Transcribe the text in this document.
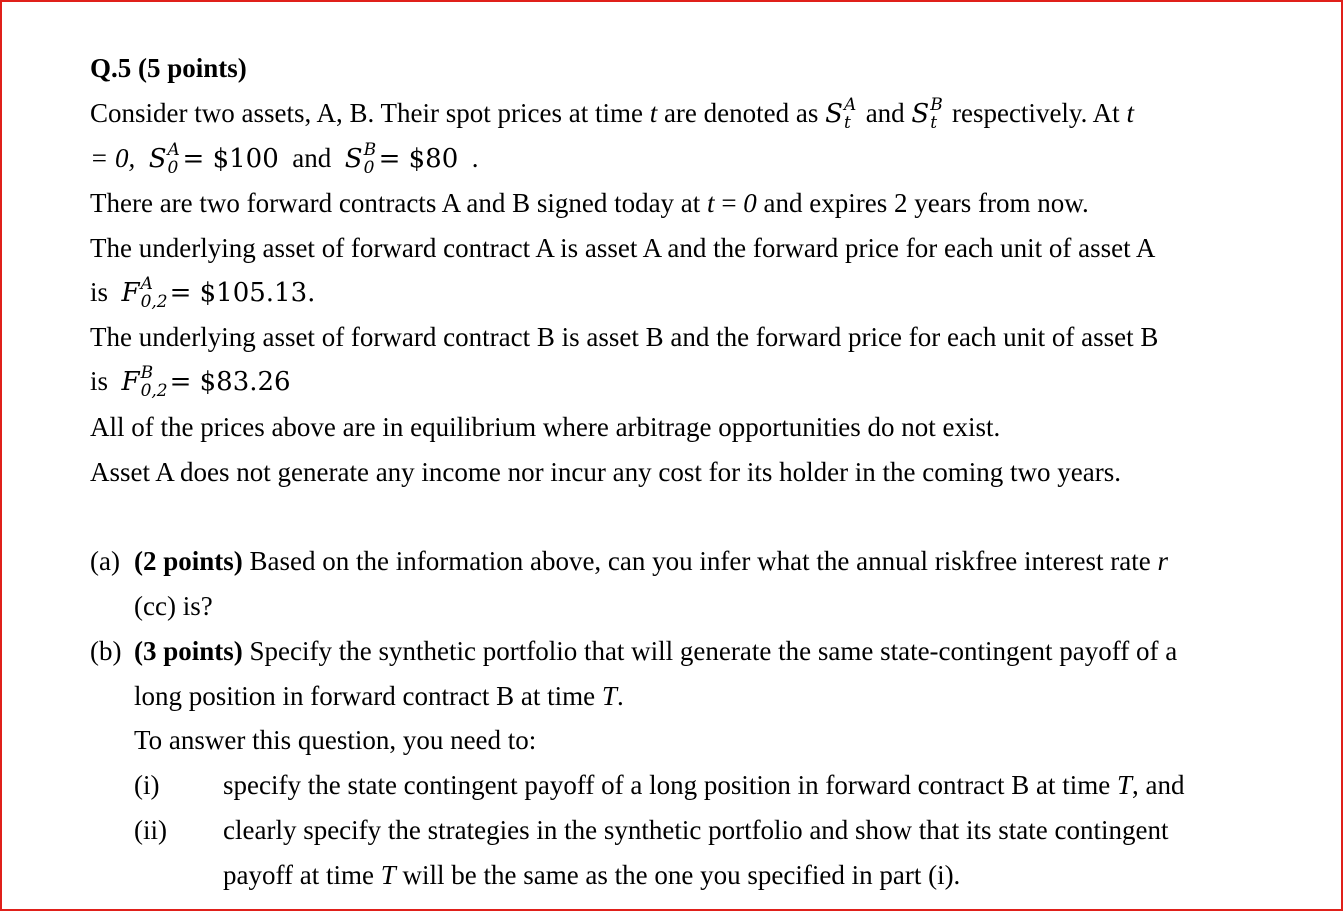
Q.5 (5 points)
Consider two assets, A, B. Their spot prices at time t are denoted as S A
t and S B
t respectively. At t
= 0, S A
0 = $100 and S B
0 = $80 .
There are two forward contracts A and B signed today at t = 0 and expires 2 years from now.
The underlying asset of forward contract A is asset A and the forward price for each unit of asset A
is F A
0,2 = $105.13.
The underlying asset of forward contract B is asset B and the forward price for each unit of asset B
is F B
0,2 = $83.26
All of the prices above are in equilibrium where arbitrage opportunities do not exist.
Asset A does not generate any income nor incur any cost for its holder in the coming two years.
(a) (2 points) Based on the information above, can you infer what the annual riskfree interest rate r
(cc) is?
(b) (3 points) Specify the synthetic portfolio that will generate the same state-contingent payoff of a
long position in forward contract B at time T.
To answer this question, you need to:
(i) specify the state contingent payoff of a long position in forward contract B at time T, and
(ii) clearly specify the strategies in the synthetic portfolio and show that its state contingent
payoff at time T will be the same as the one you specified in part (i).
